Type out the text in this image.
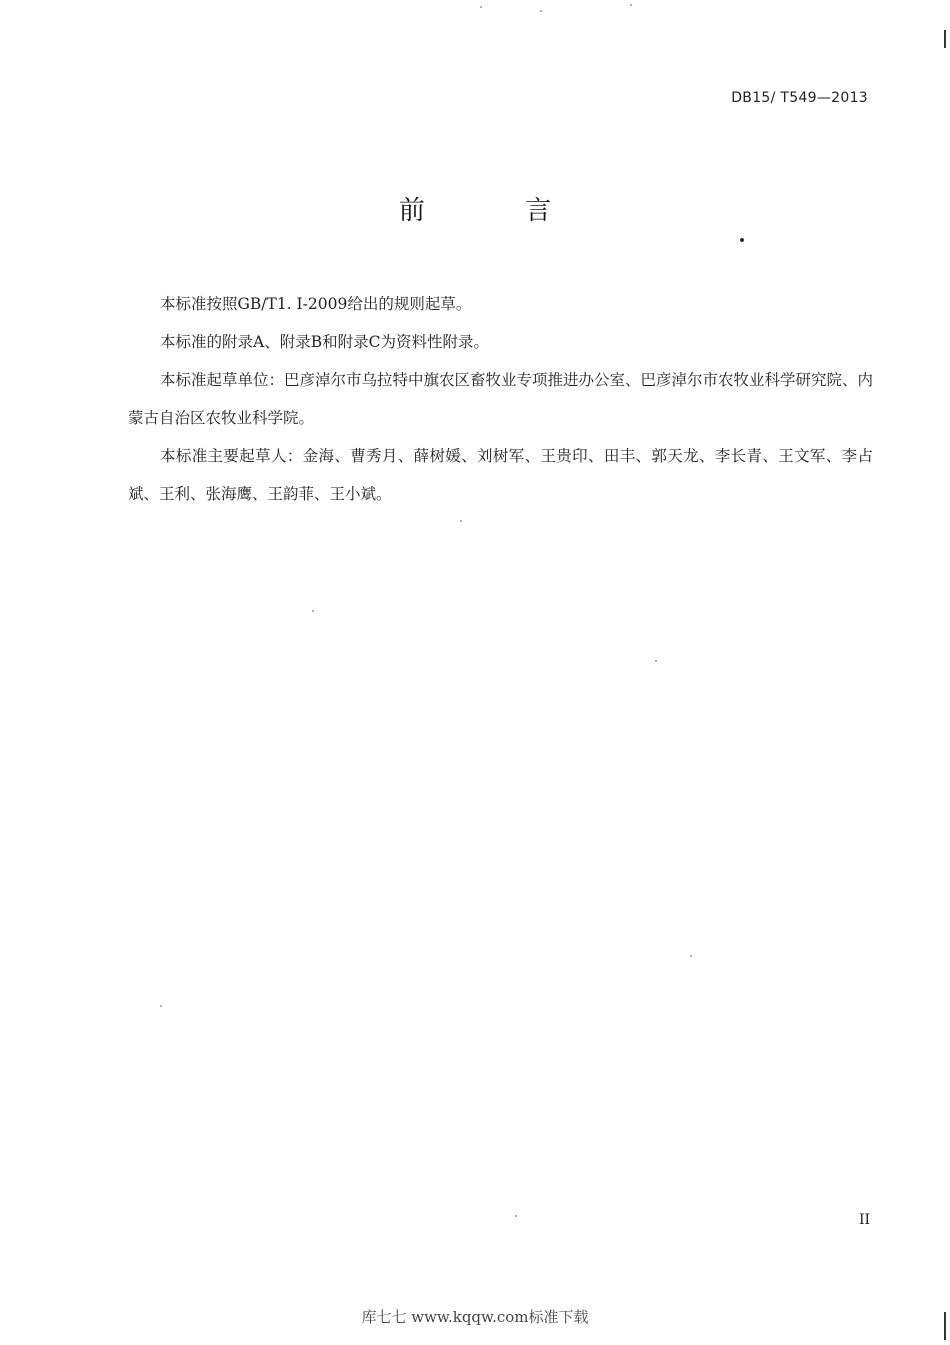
DB15/ T549—2013
前 言

本标准按照GB/T1. I-2009给出的规则起草。

本标准的附录A、附录B和附录C为资料性附录。

本标准起草单位：巴彦淖尔市乌拉特中旗农区畜牧业专项推进办公室、巴彦淖尔市农牧业科学研究院、内蒙古自治区农牧业科学院。

本标准主要起草人：金海、曹秀月、薛树媛、刘树军、王贵印、田丰、郭天龙、李长青、王文军、李占斌、王利、张海鹰、王韵菲、王小斌。

II
库七七 www.kqqw.com标准下载
